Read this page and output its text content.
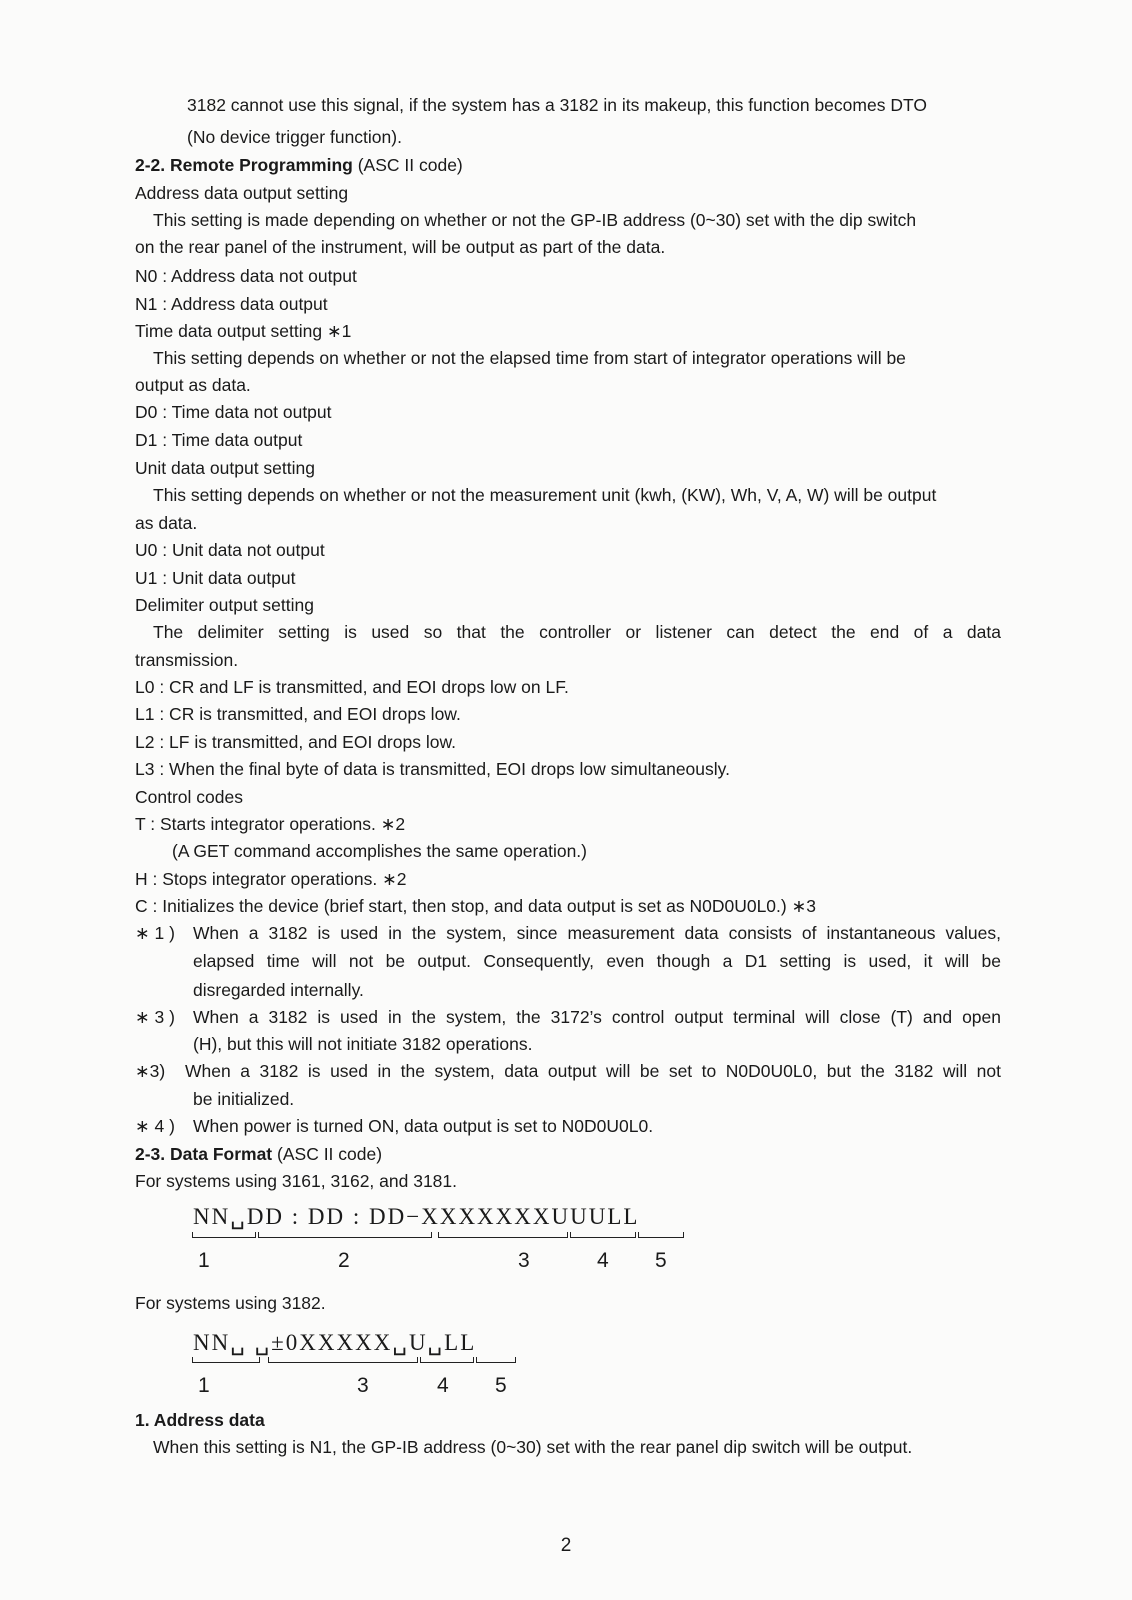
3182 cannot use this signal, if the system has a 3182 in its makeup, this function becomes DTO
(No device trigger function).
2-2. Remote Programming (ASC II code)
Address data output setting
This setting is made depending on whether or not the GP-IB address (0~30) set with the dip switch
on the rear panel of the instrument, will be output as part of the data.
N0 : Address data not output
N1 : Address data output
Time data output setting ∗1
This setting depends on whether or not the elapsed time from start of integrator operations will be
output as data.
D0 : Time data not output
D1 : Time data output
Unit data output setting
This setting depends on whether or not the measurement unit (kwh, (KW), Wh, V, A, W) will be output
as data.
U0 : Unit data not output
U1 : Unit data output
Delimiter output setting
The delimiter setting is used so that the controller or listener can detect the end of a data
transmission.
L0 : CR and LF is transmitted, and EOI drops low on LF.
L1 : CR is transmitted, and EOI drops low.
L2 : LF is transmitted, and EOI drops low.
L3 : When the final byte of data is transmitted, EOI drops low simultaneously.
Control codes
T : Starts integrator operations. ∗2
(A GET command accomplishes the same operation.)
H : Stops integrator operations. ∗2
C : Initializes the device (brief start, then stop, and data output is set as N0D0U0L0.) ∗3
∗ 1 ) When a 3182 is used in the system, since measurement data consists of instantaneous values,
elapsed time will not be output. Consequently, even though a D1 setting is used, it will be
disregarded internally.
∗ 3 ) When a 3182 is used in the system, the 3172’s control output terminal will close (T) and open
(H), but this will not initiate 3182 operations.
∗3) When a 3182 is used in the system, data output will be set to N0D0U0L0, but the 3182 will not
be initialized.
∗ 4 ) When power is turned ON, data output is set to N0D0U0L0.
2-3. Data Format (ASC II code)
For systems using 3161, 3162, and 3181.
NN␣DD : DD : DD−XXXXXXXUUULL
1	2	3	4 5
For systems using 3182.
NN␣ ␣±0XXXXX␣U␣LL
1	3	4 5
1. Address data
When this setting is N1, the GP-IB address (0~30) set with the rear panel dip switch will be output.
2
